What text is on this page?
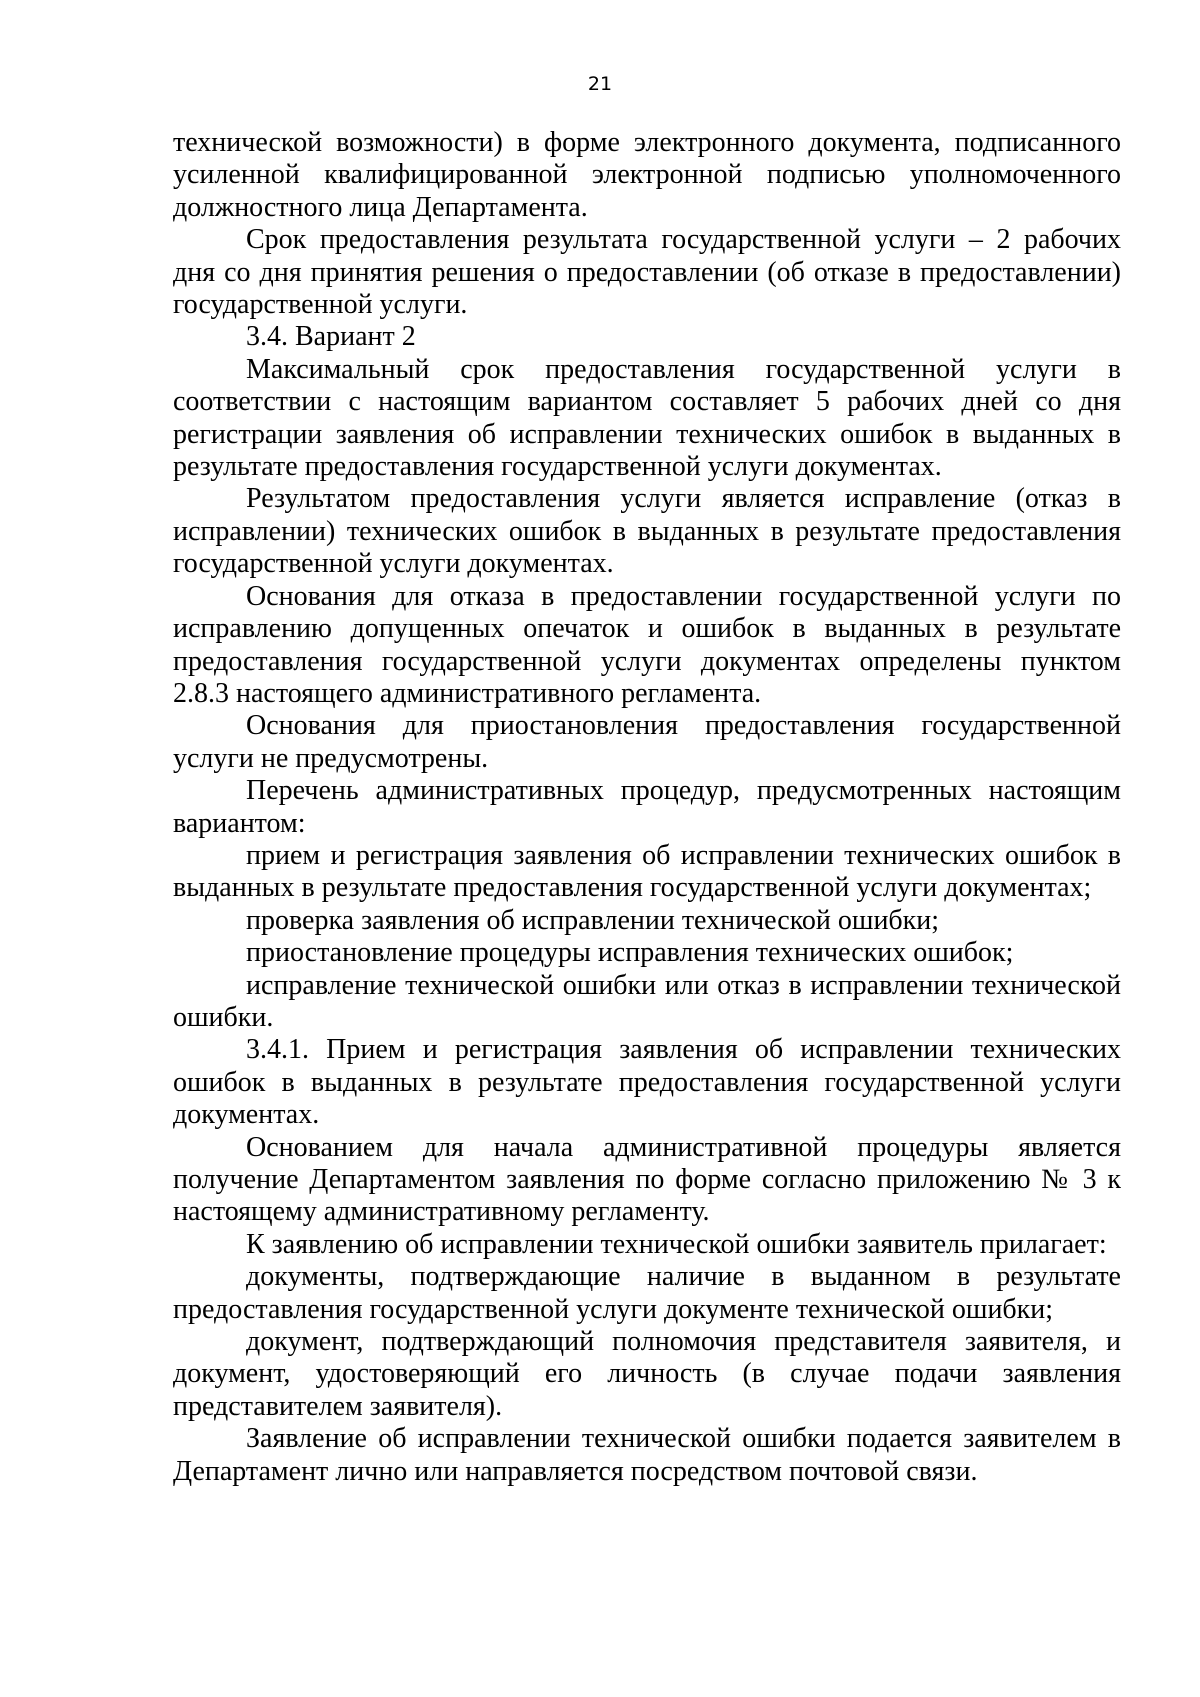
21

технической возможности) в форме электронного документа, подписанного усиленной квалифицированной электронной подписью уполномоченного должностного лица Департамента.

Срок предоставления результата государственной услуги – 2 рабочих дня со дня принятия решения о предоставлении (об отказе в предоставлении) государственной услуги.

3.4. Вариант 2

Максимальный срок предоставления государственной услуги в соответствии с настоящим вариантом составляет 5 рабочих дней со дня регистрации заявления об исправлении технических ошибок в выданных в результате предоставления государственной услуги документах.

Результатом предоставления услуги является исправление (отказ в исправлении) технических ошибок в выданных в результате предоставления государственной услуги документах.

Основания для отказа в предоставлении государственной услуги по исправлению допущенных опечаток и ошибок в выданных в результате предоставления государственной услуги документах определены пунктом 2.8.3 настоящего административного регламента.

Основания для приостановления предоставления государственной услуги не предусмотрены.

Перечень административных процедур, предусмотренных настоящим вариантом:

прием и регистрация заявления об исправлении технических ошибок в выданных в результате предоставления государственной услуги документах;

проверка заявления об исправлении технической ошибки;

приостановление процедуры исправления технических ошибок;

исправление технической ошибки или отказ в исправлении технической ошибки.

3.4.1. Прием и регистрация заявления об исправлении технических ошибок в выданных в результате предоставления государственной услуги документах.

Основанием для начала административной процедуры является получение Департаментом заявления по форме согласно приложению № 3 к настоящему административному регламенту.

К заявлению об исправлении технической ошибки заявитель прилагает:

документы, подтверждающие наличие в выданном в результате предоставления государственной услуги документе технической ошибки;

документ, подтверждающий полномочия представителя заявителя, и документ, удостоверяющий его личность (в случае подачи заявления представителем заявителя).

Заявление об исправлении технической ошибки подается заявителем в Департамент лично или направляется посредством почтовой связи.
